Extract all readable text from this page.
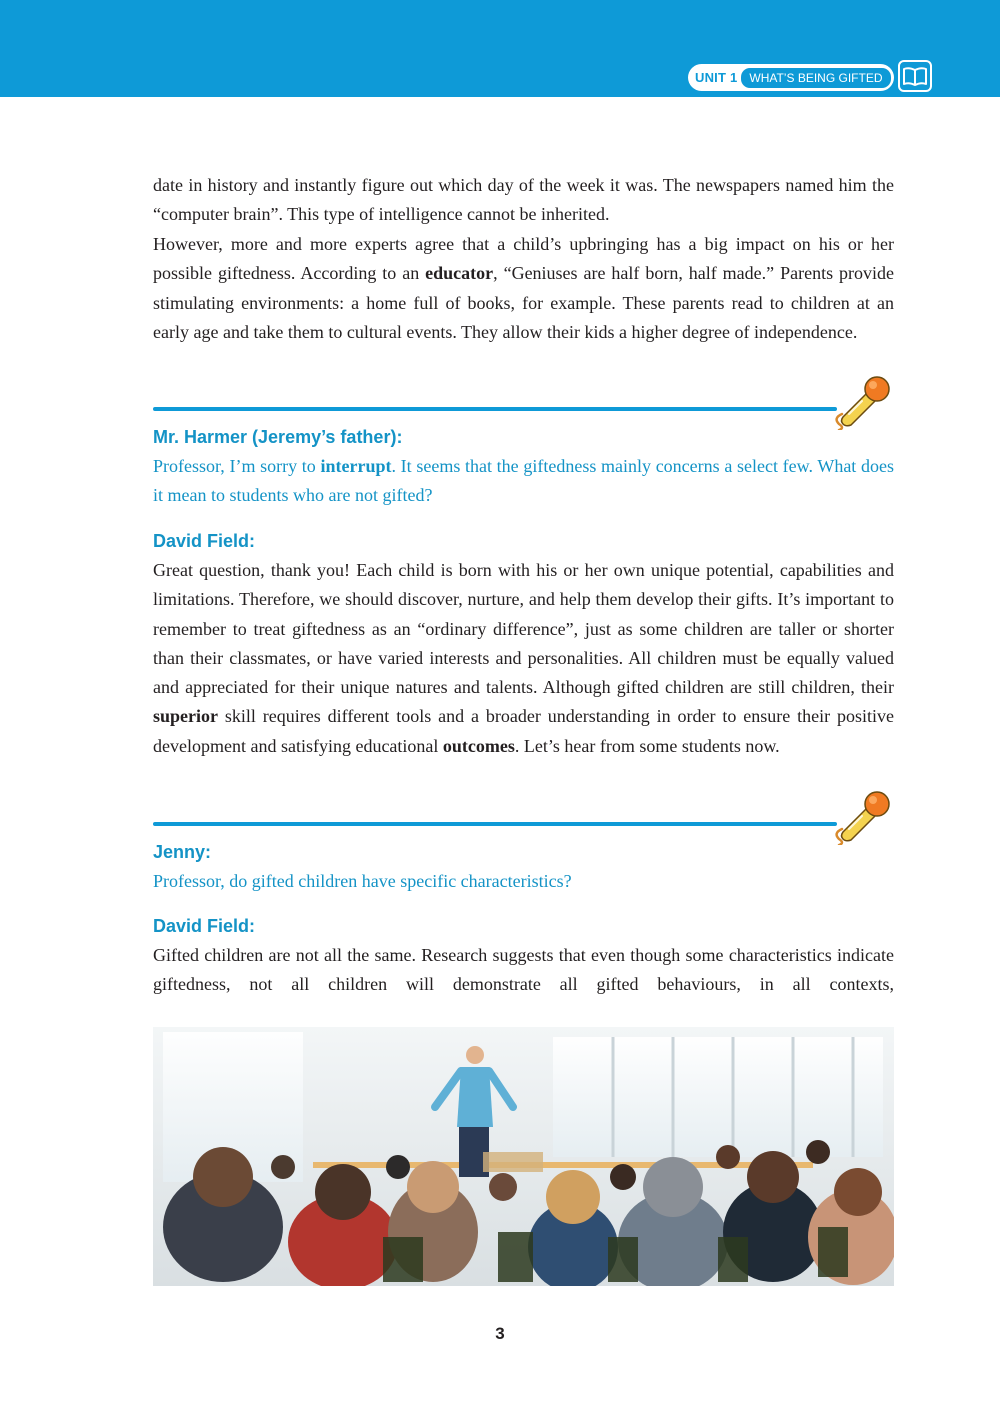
UNIT 1	WHAT’S BEING GIFTED

date in history and instantly figure out which day of the week it was. The newspapers named him the “computer brain”. This type of intelligence cannot be inherited.

However, more and more experts agree that a child’s upbringing has a big impact on his or her possible giftedness. According to an educator, “Geniuses are half born, half made.” Parents provide stimulating environments: a home full of books, for example. These parents read to children at an early age and take them to cultural events. They allow their kids a higher degree of independence.

Mr. Harmer (Jeremy’s father):

Professor, I’m sorry to interrupt. It seems that the giftedness mainly concerns a select few. What does it mean to students who are not gifted?

David Field:

Great question, thank you! Each child is born with his or her own unique potential, capabilities and limitations. Therefore, we should discover, nurture, and help them develop their gifts. It’s important to remember to treat giftedness as an “ordinary difference”, just as some children are taller or shorter than their classmates, or have varied interests and personalities. All children must be equally valued and appreciated for their unique natures and talents. Although gifted children are still children, their superior skill requires different tools and a broader understanding in order to ensure their positive development and satisfying educational outcomes. Let’s hear from some students now.

Jenny:

Professor, do gifted children have specific characteristics?

David Field:

Gifted children are not all the same. Research suggests that even though some characteristics indicate giftedness, not all children will demonstrate all gifted behaviours, in all contexts,

3
